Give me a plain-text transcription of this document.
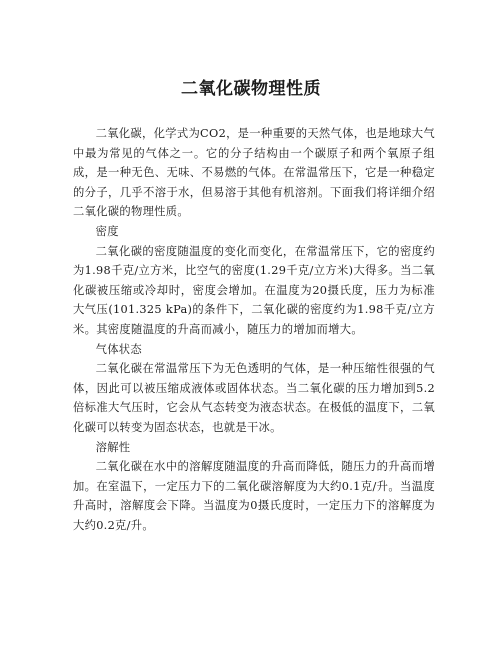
二氧化碳物理性质

二氧化碳，化学式为CO2，是一种重要的天然气体，也是地球大气中最为常见的气体之一。它的分子结构由一个碳原子和两个氧原子组成，是一种无色、无味、不易燃的气体。在常温常压下，它是一种稳定的分子，几乎不溶于水，但易溶于其他有机溶剂。下面我们将详细介绍二氧化碳的物理性质。

密度

二氧化碳的密度随温度的变化而变化，在常温常压下，它的密度约为1.98千克/立方米，比空气的密度(1.29千克/立方米)大得多。当二氧化碳被压缩或冷却时，密度会增加。在温度为20摄氏度，压力为标准大气压(101.325 kPa)的条件下，二氧化碳的密度约为1.98千克/立方米。其密度随温度的升高而减小，随压力的增加而增大。

气体状态

二氧化碳在常温常压下为无色透明的气体，是一种压缩性很强的气体，因此可以被压缩成液体或固体状态。当二氧化碳的压力增加到5.2倍标准大气压时，它会从气态转变为液态状态。在极低的温度下，二氧化碳可以转变为固态状态，也就是干冰。

溶解性

二氧化碳在水中的溶解度随温度的升高而降低，随压力的升高而增加。在室温下，一定压力下的二氧化碳溶解度为大约0.1克/升。当温度升高时，溶解度会下降。当温度为0摄氏度时，一定压力下的溶解度为大约0.2克/升。
